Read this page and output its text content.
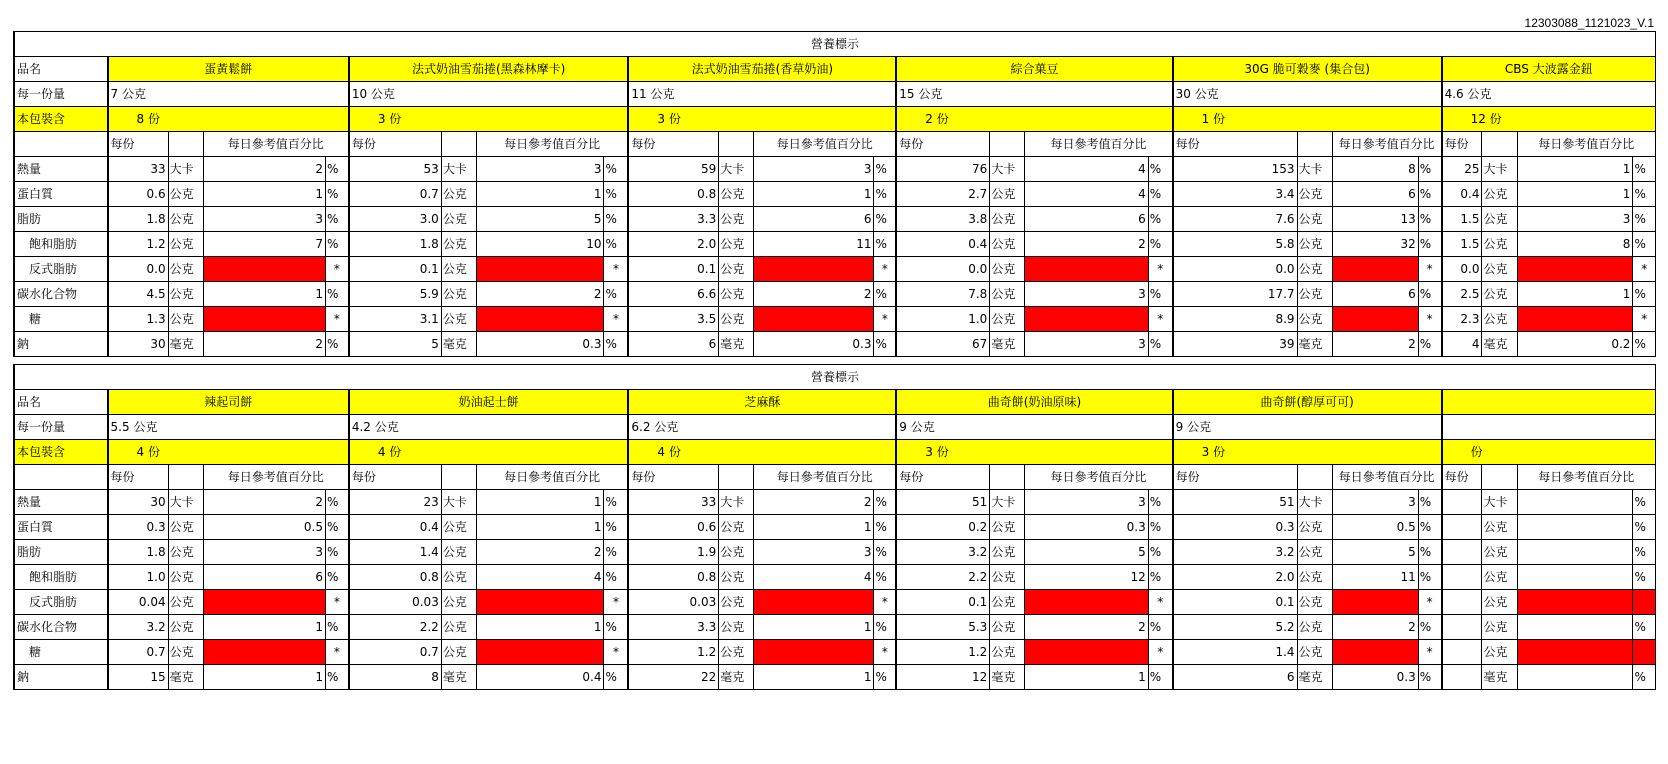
12303088_1121023_V.1
營養標示																								
品名	蛋黃鬆餅				法式奶油雪茄捲(黑森林摩卡)				法式奶油雪茄捲(香草奶油)				綜合菓豆				30G 脆可穀麥 (集合包)				CBS 大波露金鈕			
每一份量	7 公克				10 公克				11 公克				15 公克				30 公克				4.6 公克			
本包裝含	8 份				3 份				3 份				2 份				1 份				12 份			
	每份		每日參考值百分比		每份		每日參考值百分比		每份		每日參考值百分比		每份		每日參考值百分比		每份		每日參考值百分比		每份		每日參考值百分比	
熱量	33	大卡	2	%	53	大卡	3	%	59	大卡	3	%	76	大卡	4	%	153	大卡	8	%	25	大卡	1	%
蛋白質	0.6	公克	1	%	0.7	公克	1	%	0.8	公克	1	%	2.7	公克	4	%	3.4	公克	6	%	0.4	公克	1	%
脂肪	1.8	公克	3	%	3.0	公克	5	%	3.3	公克	6	%	3.8	公克	6	%	7.6	公克	13	%	1.5	公克	3	%
飽和脂肪	1.2	公克	7	%	1.8	公克	10	%	2.0	公克	11	%	0.4	公克	2	%	5.8	公克	32	%	1.5	公克	8	%
反式脂肪	0.0	公克		*	0.1	公克		*	0.1	公克		*	0.0	公克		*	0.0	公克		*	0.0	公克		*
碳水化合物	4.5	公克	1	%	5.9	公克	2	%	6.6	公克	2	%	7.8	公克	3	%	17.7	公克	6	%	2.5	公克	1	%
糖	1.3	公克		*	3.1	公克		*	3.5	公克		*	1.0	公克		*	8.9	公克		*	2.3	公克		*
鈉	30	毫克	2	%	5	毫克	0.3	%	6	毫克	0.3	%	67	毫克	3	%	39	毫克	2	%	4	毫克	0.2	%
營養標示																								
品名	辣起司餅				奶油起士餅				芝麻酥				曲奇餅(奶油原味)				曲奇餅(醇厚可可)							
每一份量	5.5 公克				4.2 公克				6.2 公克				9 公克				9 公克							
本包裝含	4 份				4 份				4 份				3 份				3 份				份			
	每份		每日參考值百分比		每份		每日參考值百分比		每份		每日參考值百分比		每份		每日參考值百分比		每份		每日參考值百分比		每份		每日參考值百分比	
熱量	30	大卡	2	%	23	大卡	1	%	33	大卡	2	%	51	大卡	3	%	51	大卡	3	%		大卡		%
蛋白質	0.3	公克	0.5	%	0.4	公克	1	%	0.6	公克	1	%	0.2	公克	0.3	%	0.3	公克	0.5	%		公克		%
脂肪	1.8	公克	3	%	1.4	公克	2	%	1.9	公克	3	%	3.2	公克	5	%	3.2	公克	5	%		公克		%
飽和脂肪	1.0	公克	6	%	0.8	公克	4	%	0.8	公克	4	%	2.2	公克	12	%	2.0	公克	11	%		公克		%
反式脂肪	0.04	公克		*	0.03	公克		*	0.03	公克		*	0.1	公克		*	0.1	公克		*		公克		
碳水化合物	3.2	公克	1	%	2.2	公克	1	%	3.3	公克	1	%	5.3	公克	2	%	5.2	公克	2	%		公克		%
糖	0.7	公克		*	0.7	公克		*	1.2	公克		*	1.2	公克		*	1.4	公克		*		公克		
鈉	15	毫克	1	%	8	毫克	0.4	%	22	毫克	1	%	12	毫克	1	%	6	毫克	0.3	%		毫克		%
